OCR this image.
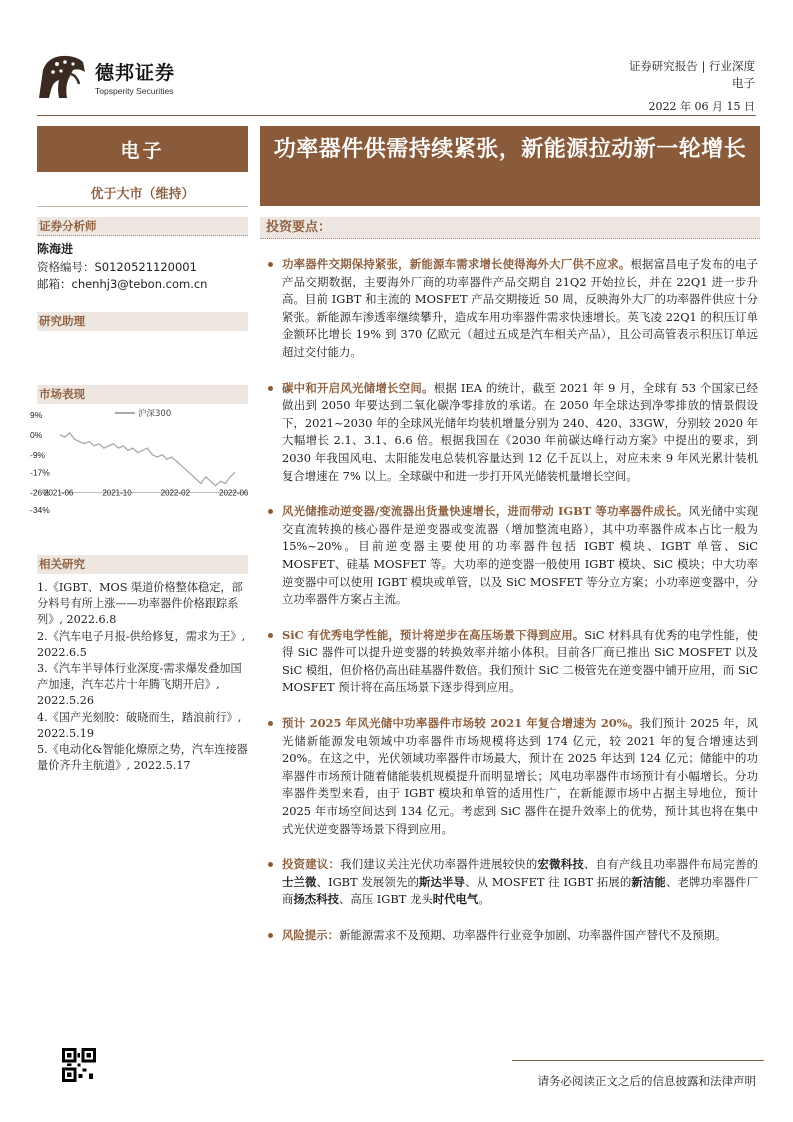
德邦证券
Topsperity Securities
证券研究报告 | 行业深度
电子
2022 年 06 月 15 日
电子
优于大市（维持）
证券分析师
陈海进
资格编号：S0120521120001
邮箱：chenhj3@tebon.com.cn
研究助理
市场表现
9%
0%
-9%
-17%
-26%
-34%
2021-06	2021-10	2022-02	2022-06
沪深300
相关研究
1.《IGBT、MOS 渠道价格整体稳定，部分料号有所上涨——功率器件价格跟踪系列》, 2022.6.8
2.《汽车电子月报-供给修复，需求为王》, 2022.6.5
3.《汽车半导体行业深度-需求爆发叠加国产加速，汽车芯片十年腾飞期开启》, 2022.5.26
4.《国产光刻胶：破晓而生，踏浪前行》, 2022.5.19
5.《电动化&智能化燎原之势，汽车连接器量价齐升主航道》, 2022.5.17
功率器件供需持续紧张，新能源拉动新一轮增长
投资要点：
功率器件交期保持紧张，新能源车需求增长使得海外大厂供不应求。根据富昌电子发布的电子产品交期数据，主要海外厂商的功率器件产品交期自 21Q2 开始拉长，并在 22Q1 进一步升高。目前 IGBT 和主流的 MOSFET 产品交期接近 50 周，反映海外大厂的功率器件供应十分紧张。新能源车渗透率继续攀升，造成车用功率器件需求快速增长。英飞凌 22Q1 的积压订单金额环比增长 19% 到 370 亿欧元（超过五成是汽车相关产品），且公司高管表示积压订单远超过交付能力。
碳中和开启风光储增长空间。根据 IEA 的统计，截至 2021 年 9 月，全球有 53 个国家已经做出到 2050 年要达到二氧化碳净零排放的承诺。在 2050 年全球达到净零排放的情景假设下，2021~2030 年的全球风光储年均装机增量分别为 240、420、33GW，分别较 2020 年大幅增长 2.1、3.1、6.6 倍。根据我国在《2030 年前碳达峰行动方案》中提出的要求，到 2030 年我国风电、太阳能发电总装机容量达到 12 亿千瓦以上，对应未来 9 年风光累计装机复合增速在 7% 以上。全球碳中和进一步打开风光储装机量增长空间。
风光储推动逆变器/变流器出货量快速增长，进而带动 IGBT 等功率器件成长。风光储中实现交直流转换的核心器件是逆变器或变流器（增加整流电路），其中功率器件成本占比一般为 15%~20%。目前逆变器主要使用的功率器件包括 IGBT 模块、IGBT 单管、SiC MOSFET、硅基 MOSFET 等。大功率的逆变器一般使用 IGBT 模块、SiC 模块；中大功率逆变器中可以使用 IGBT 模块或单管，以及 SiC MOSFET 等分立方案；小功率逆变器中，分立功率器件方案占主流。
SiC 有优秀电学性能，预计将逆步在高压场景下得到应用。SiC 材料具有优秀的电学性能，使得 SiC 器件可以提升逆变器的转换效率并缩小体积。目前各厂商已推出 SiC MOSFET 以及 SiC 模组，但价格仍高出硅基器件数倍。我们预计 SiC 二极管先在逆变器中铺开应用，而 SiC MOSFET 预计将在高压场景下逐步得到应用。
预计 2025 年风光储中功率器件市场较 2021 年复合增速为 20%。我们预计 2025 年，风光储新能源发电领域中功率器件市场规模将达到 174 亿元，较 2021 年的复合增速达到 20%。在这之中，光伏领域功率器件市场最大，预计在 2025 年达到 124 亿元；储能中的功率器件市场预计随着储能装机规模提升而明显增长；风电功率器件市场预计有小幅增长。分功率器件类型来看，由于 IGBT 模块和单管的适用性广，在新能源市场中占据主导地位，预计 2025 年市场空间达到 134 亿元。考虑到 SiC 器件在提升效率上的优势，预计其也将在集中式光伏逆变器等场景下得到应用。
投资建议：我们建议关注光伏功率器件进展较快的宏微科技、自有产线且功率器件布局完善的士兰微、IGBT 发展领先的斯达半导、从 MOSFET 往 IGBT 拓展的新洁能、老牌功率器件厂商扬杰科技、高压 IGBT 龙头时代电气。
风险提示：新能源需求不及预期、功率器件行业竞争加剧、功率器件国产替代不及预期。
请务必阅读正文之后的信息披露和法律声明
